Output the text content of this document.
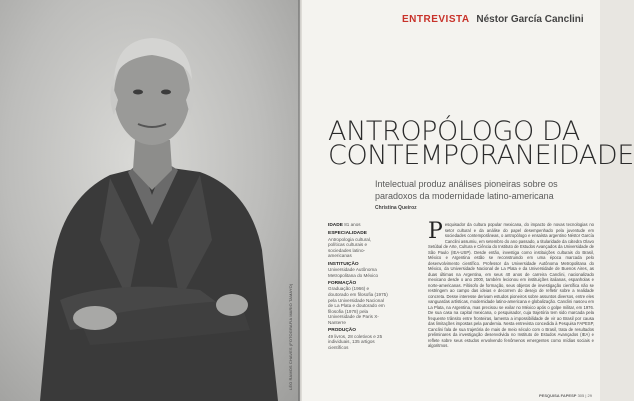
LÉO RAMOS CHAVES (FOTOGRAFIA MARIO TAMAYO)
ENTREVISTA Néstor García Canclini
ANTROPÓLOGO DA
CONTEMPORANEIDADE

Intelectual produz análises pioneiras sobre os paradoxos da modernidade latino-americana

Christina Queiroz

IDADE 81 anos
ESPECIALIDADE
Antropologia cultural, políticas culturais e sociedades latino-americanas
INSTITUIÇÃO
Universidade Autônoma Metropolitana do México
FORMAÇÃO
Graduação (1966) e doutorado em filosofia (1975) pela Universidade Nacional de La Plata e doutorado em filosofia (1978) pela Universidade de Paris X-Nanterre
PRODUÇÃO
49 livros, 28 coletivos e 25 individuais, 135 artigos científicos
P esquisador da cultura popular mexicana, do impacto de novas tecnologias no setor cultural e da análise do papel desempenhado pela juventude em sociedades contemporâneas, o antropólogo e ensaísta argentino Néstor García Canclini assumiu, em setembro do ano passado, a titularidade da cátedra Olavo Setúbal de Arte, Cultura e Ciência do Instituto de Estudos Avançados da Universidade de São Paulo (IEA-USP). Desde então, investiga como instituições culturais do Brasil, México e Argentina estão se reconstruindo em uma época marcada pelo desenvolvimento científico. Professor da Universidade Autônoma Metropolitana do México, da Universidade Nacional de La Plata e da Universidade de Buenos Aires, as duas últimas na Argentina, em seus 40 anos de carreira Canclini, nacionalizado mexicano desde o ano 2000, também lecionou em instituições italianas, espanholas e norte-americanas. Filósofo de formação, seus objetos de investigação científica não se restringem ao campo das ideias e decorrem do desejo de refletir sobre a realidade concreta. Desse interesse derivam estudos pioneiros sobre assuntos diversos, entre eles vanguardas artísticas, modernidade latino-americana e globalização. Canclini nasceu em La Plata, na Argentina, mas precisou se exilar no México após o golpe militar, em 1976. De sua casa na capital mexicana, o pesquisador, cuja trajetória tem sido marcada pela frequente trânsito entre fronteiras, lamenta a impossibilidade de vir ao Brasil por causa das limitações impostas pela pandemia. Nesta entrevista concedida à Pesquisa FAPESP, Canclini fala de sua trajetória de mais de meio século com o Brasil, trata de resultados preliminares da investigação desenvolvida no Instituto de Estudos Avançados (IEA) e reflete sobre seus estudos envolvendo fenômenos emergentes como mídias sociais e algoritmos.
PESQUISA FAPESP 305 | 29
